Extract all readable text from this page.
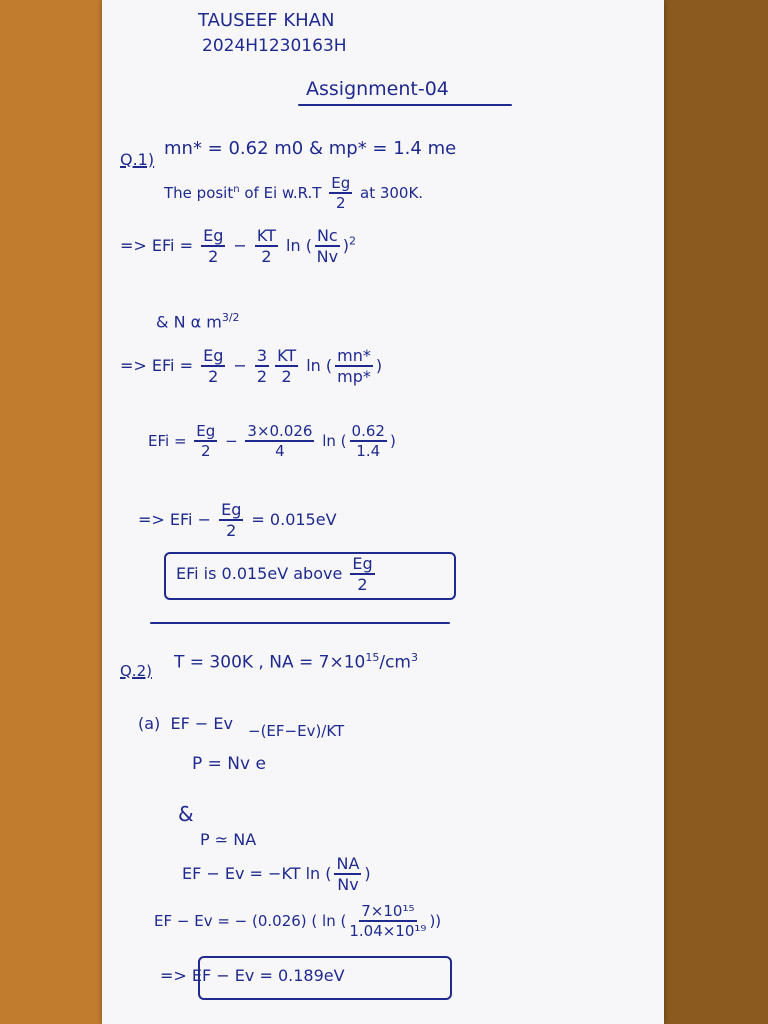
TAUSEEF KHAN
2024H1230163H
Assignment-04
Q.1)
mn* = 0.62 m0 & mp* = 1.4 me
The posit$^n$ of Ei $w.R.T \frac{Eg}{2}$ at 300K.
=> EFi = $\frac{Eg}{2} - \frac{KT}{2}$ ln ( $\frac{Nc}{Nv} )^2$
& N α $m^{3/2}$
=> EFi = $\frac{Eg}{2} - \frac{3}{2} \frac{KT}{2}$ ln ( $\frac{mn*}{mp*}$ )
EFi = $\frac{Eg}{2} - \frac{3\times 0.026}{4}$ ln ( $\frac{0.62}{1.4}$ )
=> EFi − $\frac{Eg}{2} = 0.015eV$
EFi is 0.015eV above $\frac{Eg}{2}$
Q.2) T = 300K , NA = $7\times 10^{15}/cm^3$
(a) EF − Ev −(EF−Ev)/KT
P = Nv e
&
P ≃ NA
EF − Ev = −KT ln ( $\frac{NA}{Nv}$ )
EF − Ev = − (0.026) ( ln ( $\frac{\text{7×10¹⁵}}{\text{1.04×10¹⁹}}$ ))
=> EF − Ev = 0.189eV
